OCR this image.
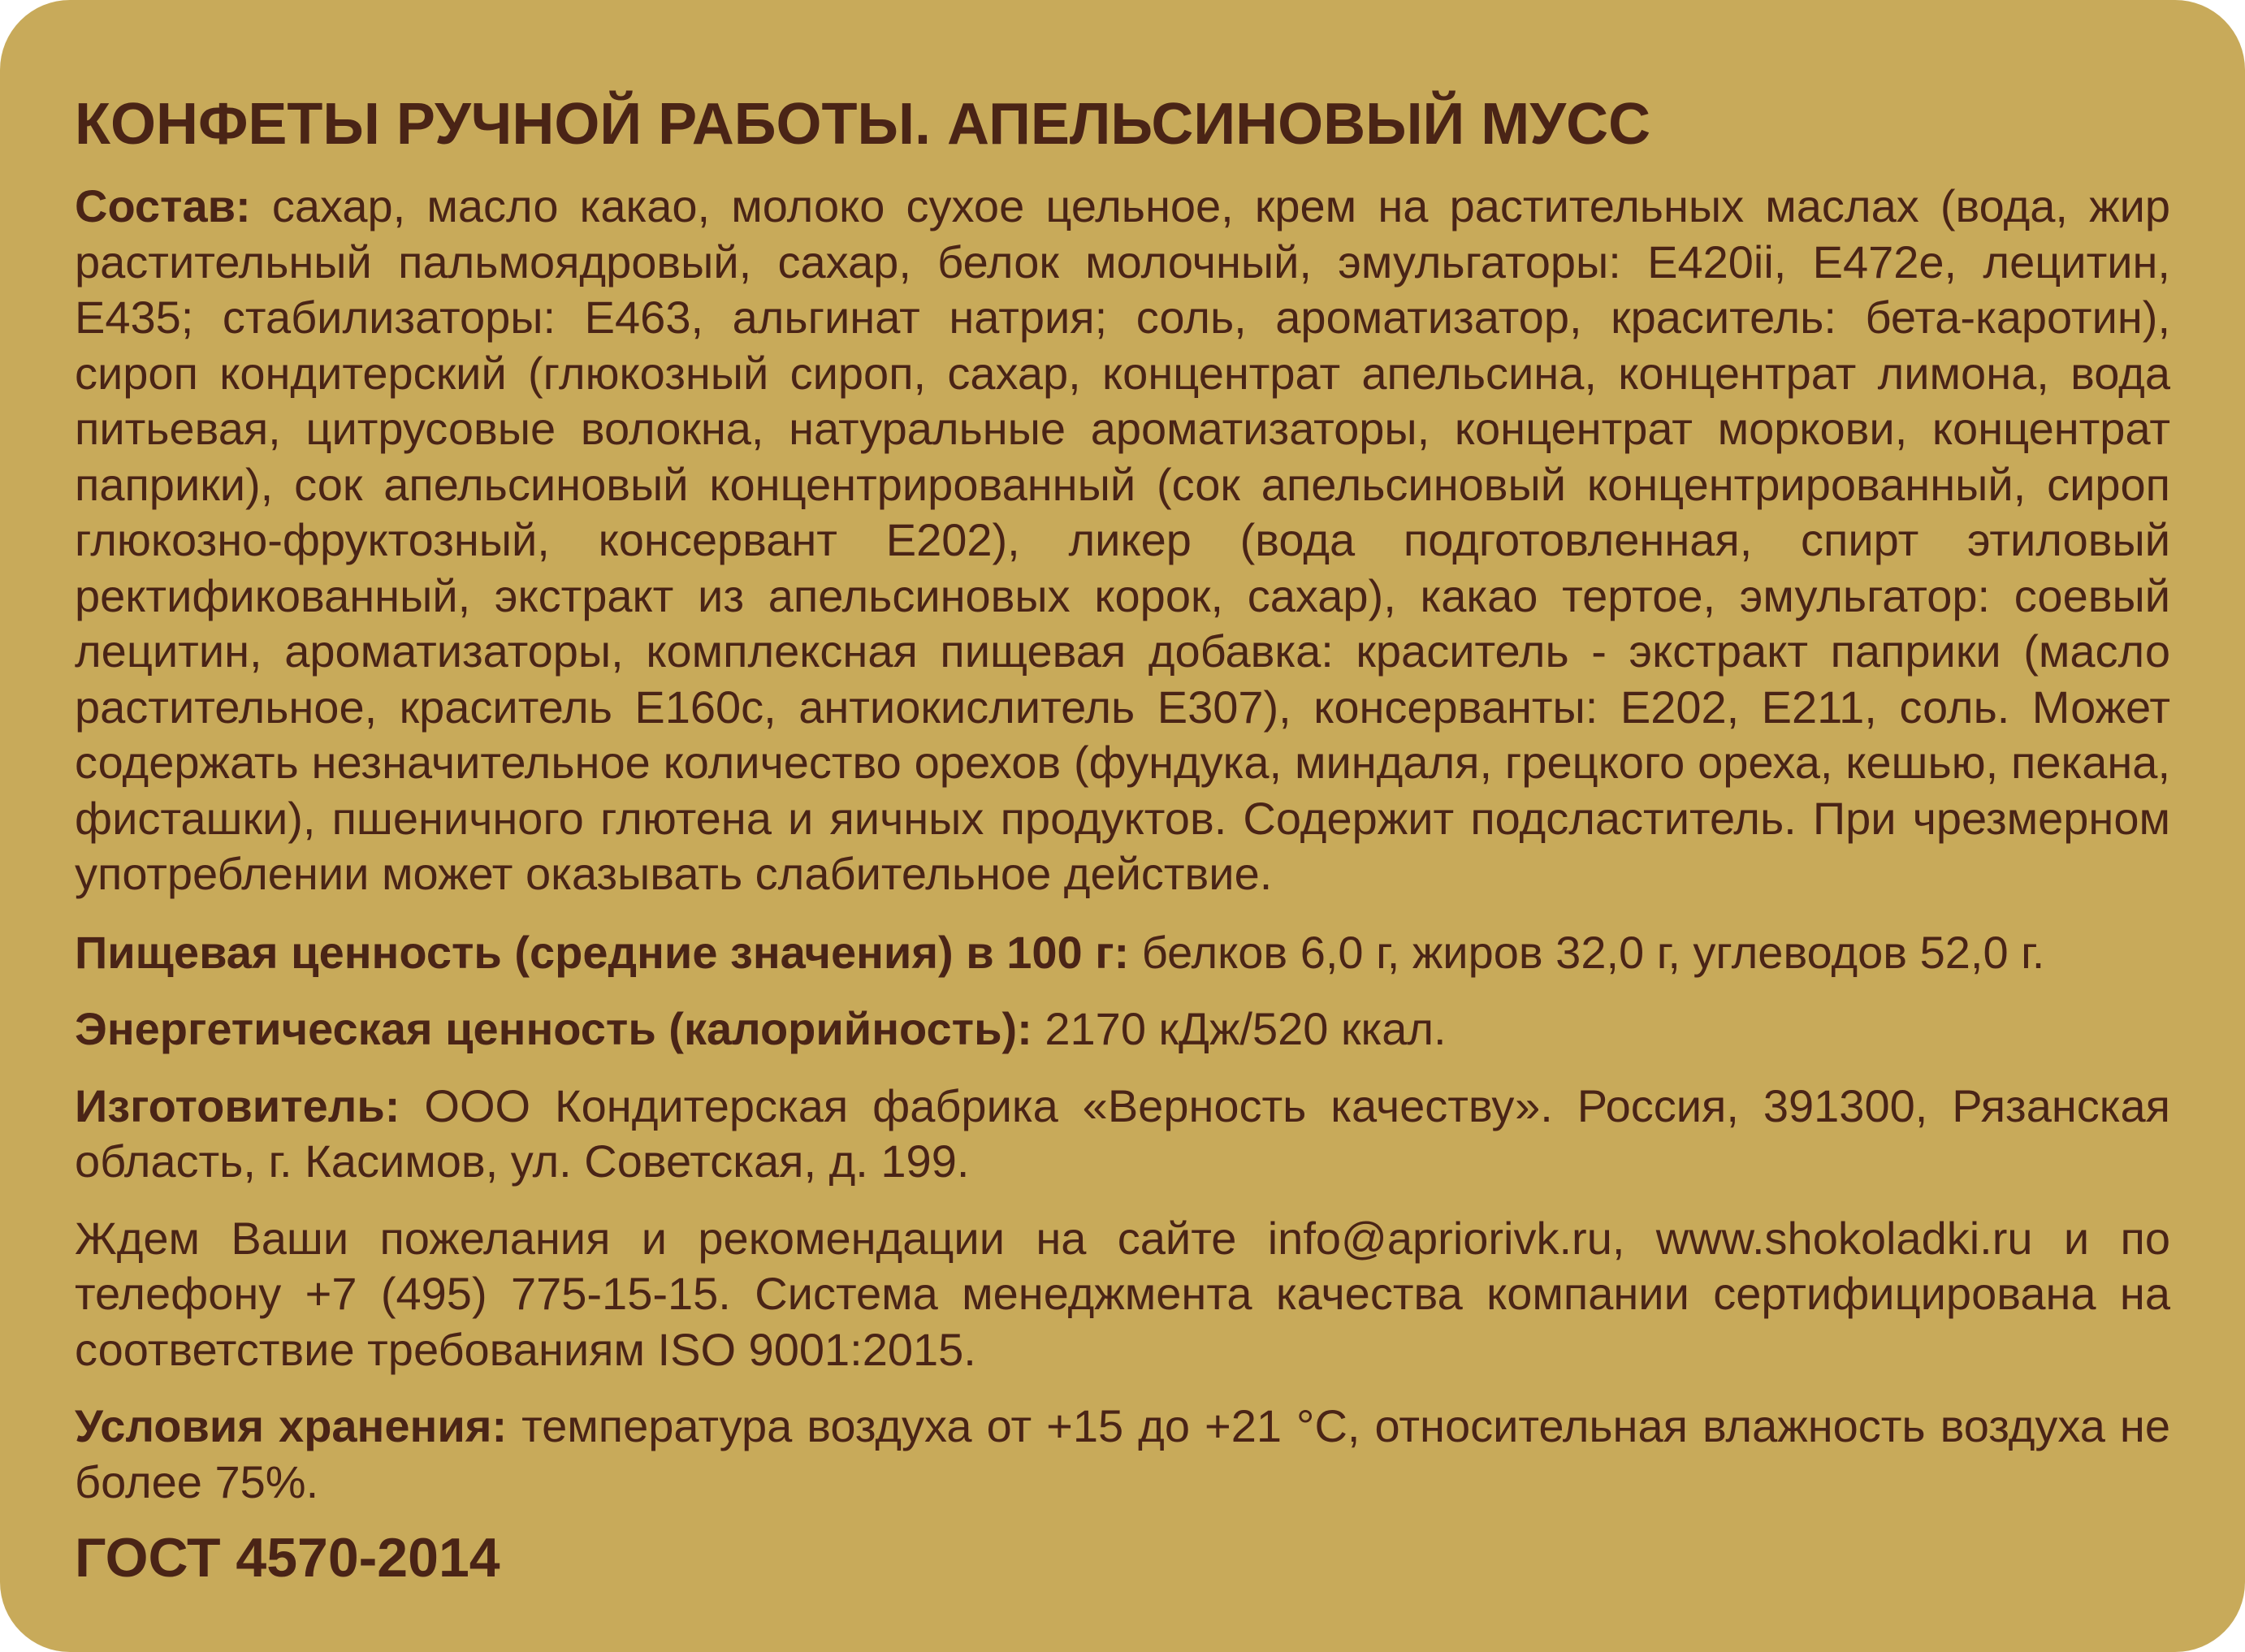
КОНФЕТЫ РУЧНОЙ РАБОТЫ. АПЕЛЬСИНОВЫЙ МУСС

Состав: сахар, масло какао, молоко сухое цельное, крем на растительных маслах (вода, жир растительный пальмоядровый, сахар, белок молочный, эмульгаторы: Е420ii, Е472е, лецитин, Е435; стабилизаторы: Е463, альгинат натрия; соль, ароматизатор, краситель: бета-каротин), сироп кондитерский (глюкозный сироп, сахар, концентрат апельсина, концентрат лимона, вода питьевая, цитрусовые волокна, натуральные ароматизаторы, концентрат моркови, концентрат паприки), сок апельсиновый концентрированный (сок апельсиновый концентрированный, сироп глюкозно-фруктозный, консервант Е202), ликер (вода подготовленная, спирт этиловый ректификованный, экстракт из апельсиновых корок, сахар), какао тертое, эмульгатор: соевый лецитин, ароматизаторы, комплексная пищевая добавка: краситель - экстракт паприки (масло растительное, краситель Е160с, антиокислитель Е307), консерванты: Е202, Е211, соль. Может содержать незначительное количество орехов (фундука, миндаля, грецкого ореха, кешью, пекана, фисташки), пшеничного глютена и яичных продуктов. Содержит подсластитель. При чрезмерном употреблении может оказывать слабительное действие.

Пищевая ценность (средние значения) в 100 г: белков 6,0 г, жиров 32,0 г, углеводов 52,0 г.

Энергетическая ценность (калорийность): 2170 кДж/520 ккал.

Изготовитель: ООО Кондитерская фабрика «Верность качеству». Россия, 391300, Рязанская область, г. Касимов, ул. Советская, д. 199.

Ждем Ваши пожелания и рекомендации на сайте info@apriorivk.ru, www.shokoladki.ru и по телефону +7 (495) 775-15-15. Система менеджмента качества компании сертифицирована на соответствие требованиям ISO 9001:2015.

Условия хранения: температура воздуха от +15 до +21 °С, относительная влажность воздуха не более 75%.

ГОСТ 4570-2014
